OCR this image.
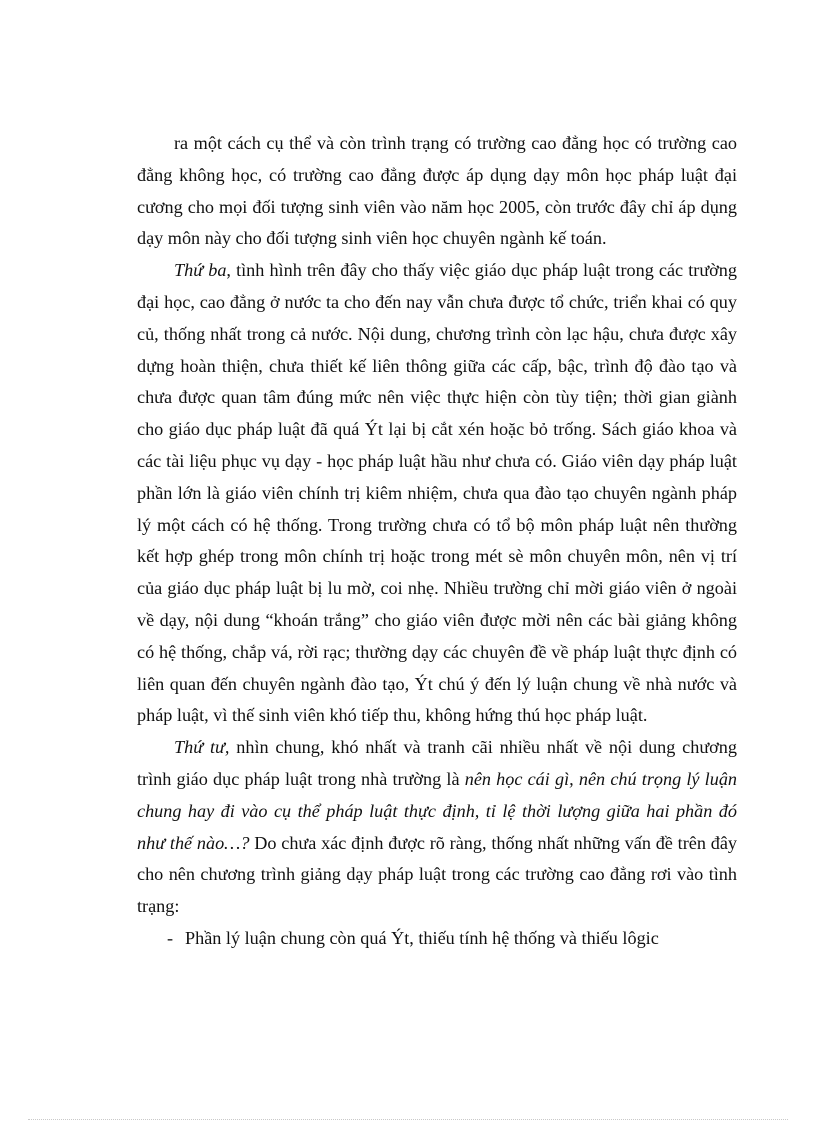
ra một cách cụ thể và còn trình trạng có trường cao đẳng học có trường cao đẳng không học, có trường cao đẳng được áp dụng dạy môn học pháp luật đại cương cho mọi đối tượng sinh viên vào năm học 2005, còn trước đây chỉ áp dụng dạy môn này cho đối tượng sinh viên học chuyên ngành kế toán.

Thứ ba, tình hình trên đây cho thấy việc giáo dục pháp luật trong các trường đại học, cao đẳng ở nước ta cho đến nay vẫn chưa được tổ chức, triển khai có quy củ, thống nhất trong cả nước. Nội dung, chương trình còn lạc hậu, chưa được xây dựng hoàn thiện, chưa thiết kế liên thông giữa các cấp, bậc, trình độ đào tạo và chưa được quan tâm đúng mức nên việc thực hiện còn tùy tiện; thời gian giành cho giáo dục pháp luật đã quá Ýt lại bị cắt xén hoặc bỏ trống. Sách giáo khoa và các tài liệu phục vụ dạy - học pháp luật hầu như chưa có. Giáo viên dạy pháp luật phần lớn là giáo viên chính trị kiêm nhiệm, chưa qua đào tạo chuyên ngành pháp lý một cách có hệ thống. Trong trường chưa có tổ bộ môn pháp luật nên thường kết hợp ghép trong môn chính trị hoặc trong mét sè môn chuyên môn, nên vị trí của giáo dục pháp luật bị lu mờ, coi nhẹ. Nhiều trường chỉ mời giáo viên ở ngoài về dạy, nội dung “khoán trắng” cho giáo viên được mời nên các bài giảng không có hệ thống, chắp vá, rời rạc; thường dạy các chuyên đề về pháp luật thực định có liên quan đến chuyên ngành đào tạo, Ýt chú ý đến lý luận chung về nhà nước và pháp luật, vì thế sinh viên khó tiếp thu, không hứng thú học pháp luật.

Thứ tư, nhìn chung, khó nhất và tranh cãi nhiều nhất về nội dung chương trình giáo dục pháp luật trong nhà trường là nên học cái gì, nên chú trọng lý luận chung hay đi vào cụ thể pháp luật thực định, tỉ lệ thời lượng giữa hai phần đó như thế nào…? Do chưa xác định được rõ ràng, thống nhất những vấn đề trên đây cho nên chương trình giảng dạy pháp luật trong các trường cao đẳng rơi vào tình trạng:

- Phần lý luận chung còn quá Ýt, thiếu tính hệ thống và thiếu lôgic
